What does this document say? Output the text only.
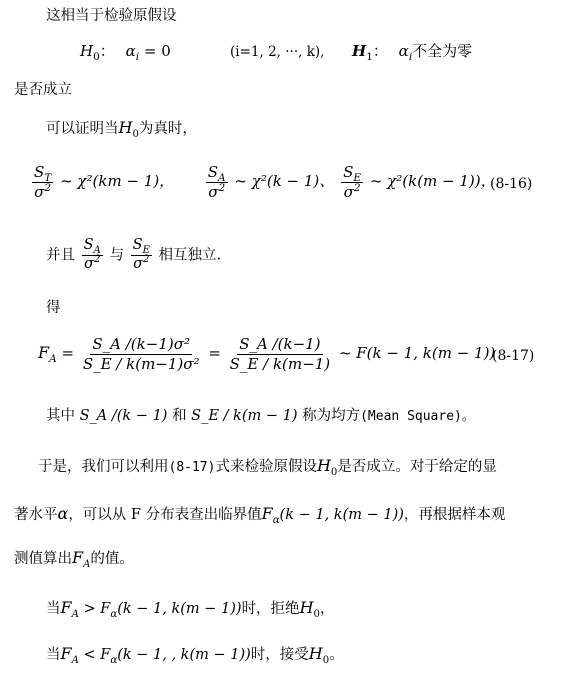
这相当于检验原假设
$H_0$： $\alpha_i = 0$	(i=1, 2, ···, k), $H_1$： $\alpha_i$不全为零
是否成立
可以证明当$H_0$为真时，
$\frac{S_T}{\sigma^2}$ ~ χ²(km − 1)， $\frac{S_A}{\sigma^2}$ ~ χ²(k − 1)、 $\frac{S_E}{\sigma^2}$ ~ χ²(k(m − 1))，
(8-16)
并且 $\frac{S_A}{\sigma^2}$ 与 $\frac{S_E}{\sigma^2}$ 相互独立.
得
$F_A = \frac{\text{S\_A /(k−1)σ²}}{\text{S\_E / k(m−1)σ²}} = \frac{S\_A /(k-1)}{S\_E / k(m-1)}$ ~ F(k − 1, k(m − 1))
(8-17)
其中 S_A /(k − 1) 和 S_E / k(m − 1) 称为均方(Mean Square)。
于是，我们可以利用(8-17)式来检验原假设$H_0$是否成立。对于给定的显
著水平α，可以从 F 分布表查出临界值$F_\alpha(k - 1$, k(m − 1))，再根据样本观
测值算出$F_A$的值。
当$F_A > F_\alpha(k - 1$, k(m − 1))时，拒绝$H_0$，
当$F_A < F_\alpha(k - 1$, , k(m − 1))时，接受$H_0$。
